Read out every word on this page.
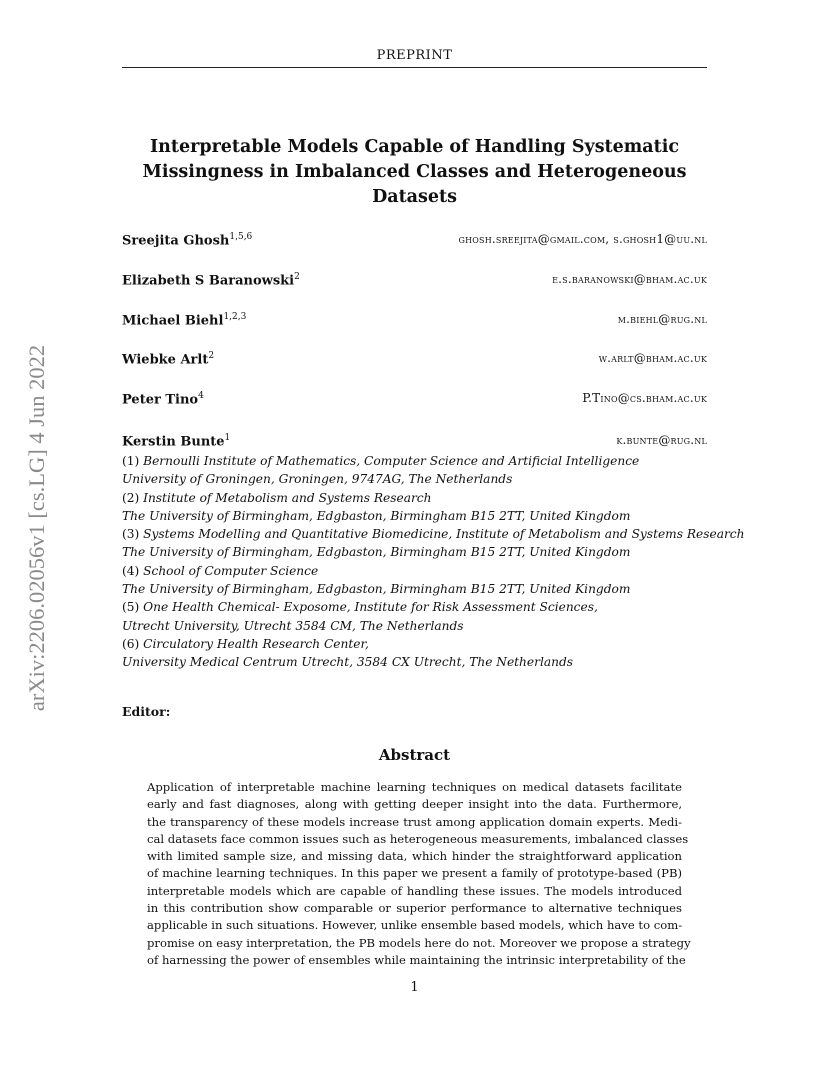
PREPRINT
arXiv:2206.02056v1 [cs.LG] 4 Jun 2022
Interpretable Models Capable of Handling Systematic
Missingness in Imbalanced Classes and Heterogeneous
Datasets
Sreejita Ghosh$^{1,5,6}$	ghosh.sreejita@gmail.com, s.ghosh1@uu.nl
Elizabeth S Baranowski$^2$	e.s.baranowski@bham.ac.uk
Michael Biehl$^{1,2,3}$	m.biehl@rug.nl
Wiebke Arlt$^2$	w.arlt@bham.ac.uk
Peter Tino$^4$	P.Tino@cs.bham.ac.uk
Kerstin Bunte$^1$	k.bunte@rug.nl
(1) Bernoulli Institute of Mathematics, Computer Science and Artificial Intelligence
University of Groningen, Groningen, 9747AG, The Netherlands
(2) Institute of Metabolism and Systems Research
The University of Birmingham, Edgbaston, Birmingham B15 2TT, United Kingdom
(3) Systems Modelling and Quantitative Biomedicine, Institute of Metabolism and Systems Research
The University of Birmingham, Edgbaston, Birmingham B15 2TT, United Kingdom
(4) School of Computer Science
The University of Birmingham, Edgbaston, Birmingham B15 2TT, United Kingdom
(5) One Health Chemical- Exposome, Institute for Risk Assessment Sciences,
Utrecht University, Utrecht 3584 CM, The Netherlands
(6) Circulatory Health Research Center,
University Medical Centrum Utrecht, 3584 CX Utrecht, The Netherlands
Editor:
Abstract
Application of interpretable machine learning techniques on medical datasets facilitate
early and fast diagnoses, along with getting deeper insight into the data. Furthermore,
the transparency of these models increase trust among application domain experts. Medi-
cal datasets face common issues such as heterogeneous measurements, imbalanced classes
with limited sample size, and missing data, which hinder the straightforward application
of machine learning techniques. In this paper we present a family of prototype-based (PB)
interpretable models which are capable of handling these issues. The models introduced
in this contribution show comparable or superior performance to alternative techniques
applicable in such situations. However, unlike ensemble based models, which have to com-
promise on easy interpretation, the PB models here do not. Moreover we propose a strategy
of harnessing the power of ensembles while maintaining the intrinsic interpretability of the
1
